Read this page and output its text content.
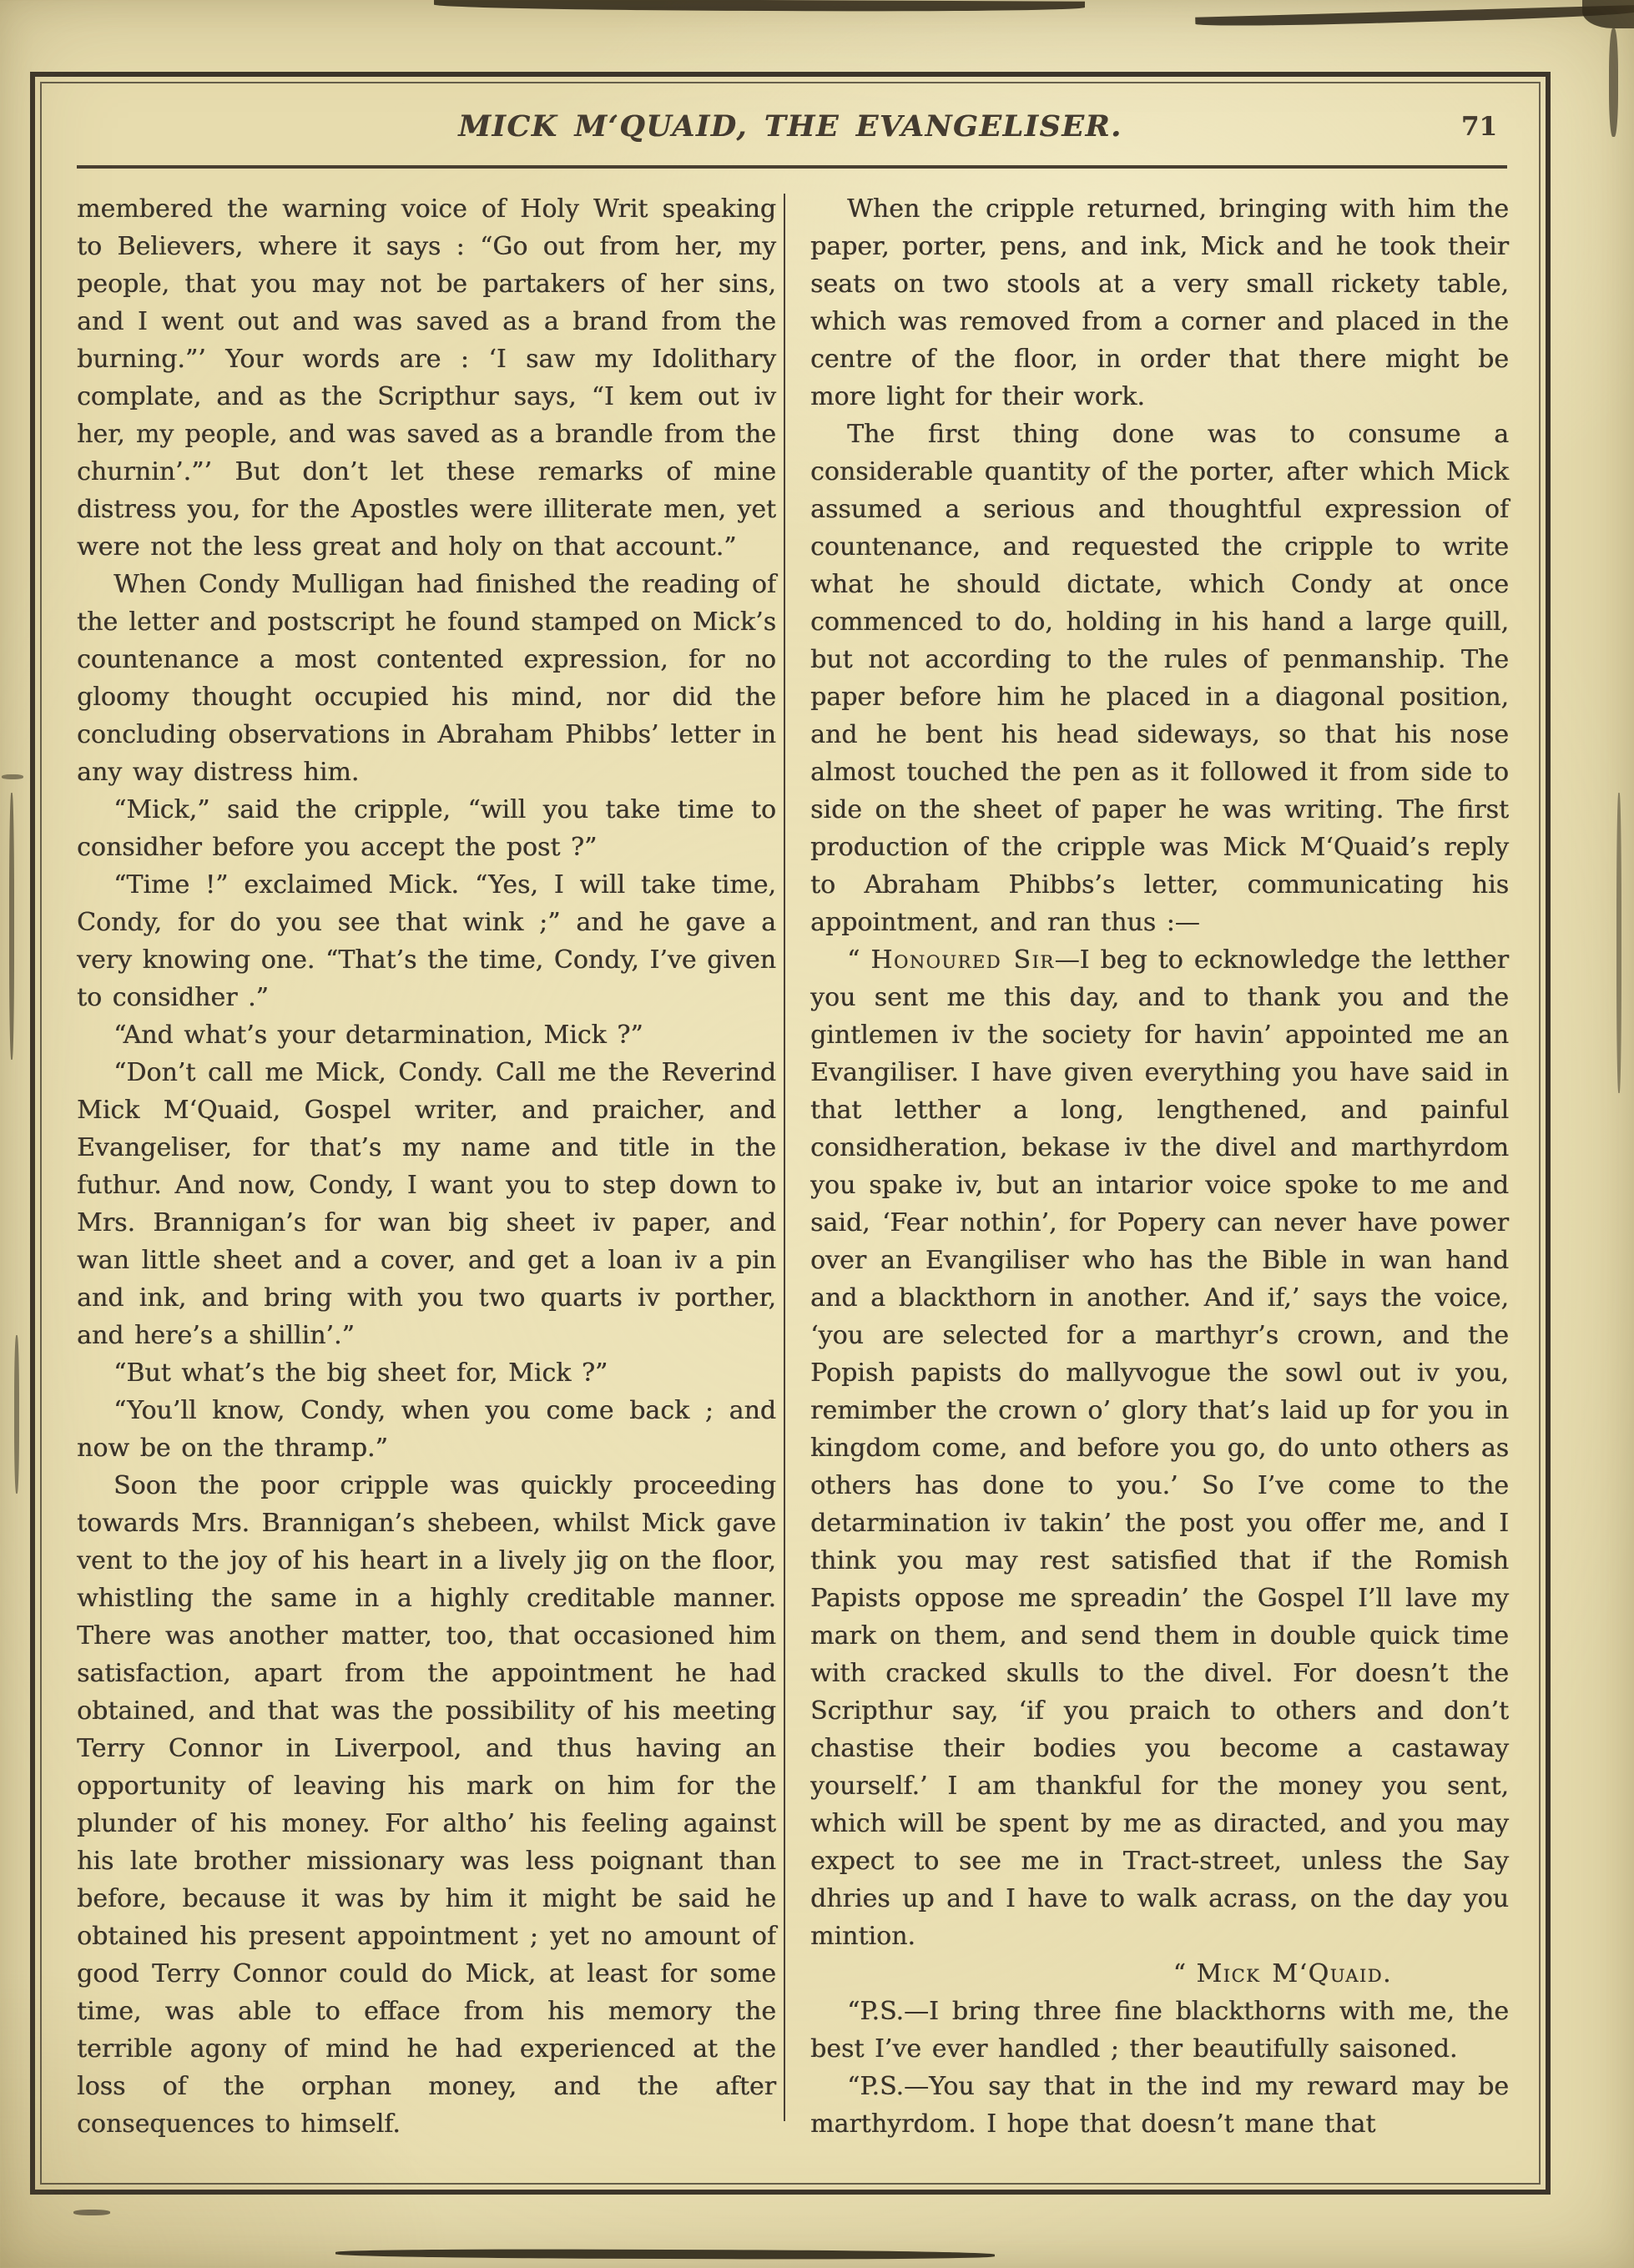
MICK M‘QUAID, THE EVANGELISER.	71

membered the warning voice of Holy Writ speaking to Believers, where it says : “Go out from her, my people, that you may not be partakers of her sins, and I went out and was saved as a brand from the burning.”’ Your words are : ‘I saw my Idolithary complate, and as the Scripthur says, “I kem out iv her, my people, and was saved as a brandle from the churnin’.”’ But don’t let these remarks of mine distress you, for the Apostles were illiterate men, yet were not the less great and holy on that account.”

When Condy Mulligan had finished the reading of the letter and postscript he found stamped on Mick’s countenance a most contented expression, for no gloomy thought occupied his mind, nor did the concluding observations in Abraham Phibbs’ letter in any way distress him.

“Mick,” said the cripple, “will you take time to considher before you accept the post ?”

“Time !” exclaimed Mick. “Yes, I will take time, Condy, for do you see that wink ;” and he gave a very knowing one. “That’s the time, Condy, I’ve given to considher .”

“And what’s your detarmination, Mick ?”

“Don’t call me Mick, Condy. Call me the Reverind Mick M‘Quaid, Gospel writer, and praicher, and Evangeliser, for that’s my name and title in the futhur. And now, Condy, I want you to step down to Mrs. Brannigan’s for wan big sheet iv paper, and wan little sheet and a cover, and get a loan iv a pin and ink, and bring with you two quarts iv porther, and here’s a shillin’.”

“But what’s the big sheet for, Mick ?”

“You’ll know, Condy, when you come back ; and now be on the thramp.”

Soon the poor cripple was quickly proceeding towards Mrs. Brannigan’s shebeen, whilst Mick gave vent to the joy of his heart in a lively jig on the floor, whistling the same in a highly creditable manner. There was another matter, too, that occasioned him satisfaction, apart from the appointment he had obtained, and that was the possibility of his meeting Terry Connor in Liverpool, and thus having an opportunity of leaving his mark on him for the plunder of his money. For altho’ his feeling against his late brother missionary was less poignant than before, because it was by him it might be said he obtained his present appointment ; yet no amount of good Terry Connor could do Mick, at least for some time, was able to efface from his memory the terrible agony of mind he had experienced at the loss of the orphan money, and the after consequences to himself.

When the cripple returned, bringing with him the paper, porter, pens, and ink, Mick and he took their seats on two stools at a very small rickety table, which was removed from a corner and placed in the centre of the floor, in order that there might be more light for their work.

The first thing done was to consume a considerable quantity of the porter, after which Mick assumed a serious and thoughtful expression of countenance, and requested the cripple to write what he should dictate, which Condy at once commenced to do, holding in his hand a large quill, but not according to the rules of penmanship. The paper before him he placed in a diagonal position, and he bent his head sideways, so that his nose almost touched the pen as it followed it from side to side on the sheet of paper he was writing. The first production of the cripple was Mick M‘Quaid’s reply to Abraham Phibbs’s letter, communicating his appointment, and ran thus :—

“ Honoured Sir—I beg to ecknowledge the letther you sent me this day, and to thank you and the gintlemen iv the society for havin’ appointed me an Evangiliser. I have given everything you have said in that letther a long, lengthened, and painful considheration, bekase iv the divel and marthyrdom you spake iv, but an intarior voice spoke to me and said, ‘Fear nothin’, for Popery can never have power over an Evangiliser who has the Bible in wan hand and a blackthorn in another. And if,’ says the voice, ‘you are selected for a marthyr’s crown, and the Popish papists do mallyvogue the sowl out iv you, remimber the crown o’ glory that’s laid up for you in kingdom come, and before you go, do unto others as others has done to you.’ So I’ve come to the detarmination iv takin’ the post you offer me, and I think you may rest satisfied that if the Romish Papists oppose me spreadin’ the Gospel I’ll lave my mark on them, and send them in double quick time with cracked skulls to the divel. For doesn’t the Scripthur say, ‘if you praich to others and don’t chastise their bodies you become a castaway yourself.’ I am thankful for the money you sent, which will be spent by me as diracted, and you may expect to see me in Tract-street, unless the Say dhries up and I have to walk acrass, on the day you mintion.

“ Mick M‘Quaid.

“P.S.—I bring three fine blackthorns with me, the best I’ve ever handled ; ther beautifully saisoned.

“P.S.—You say that in the ind my reward may be marthyrdom. I hope that doesn’t mane that
